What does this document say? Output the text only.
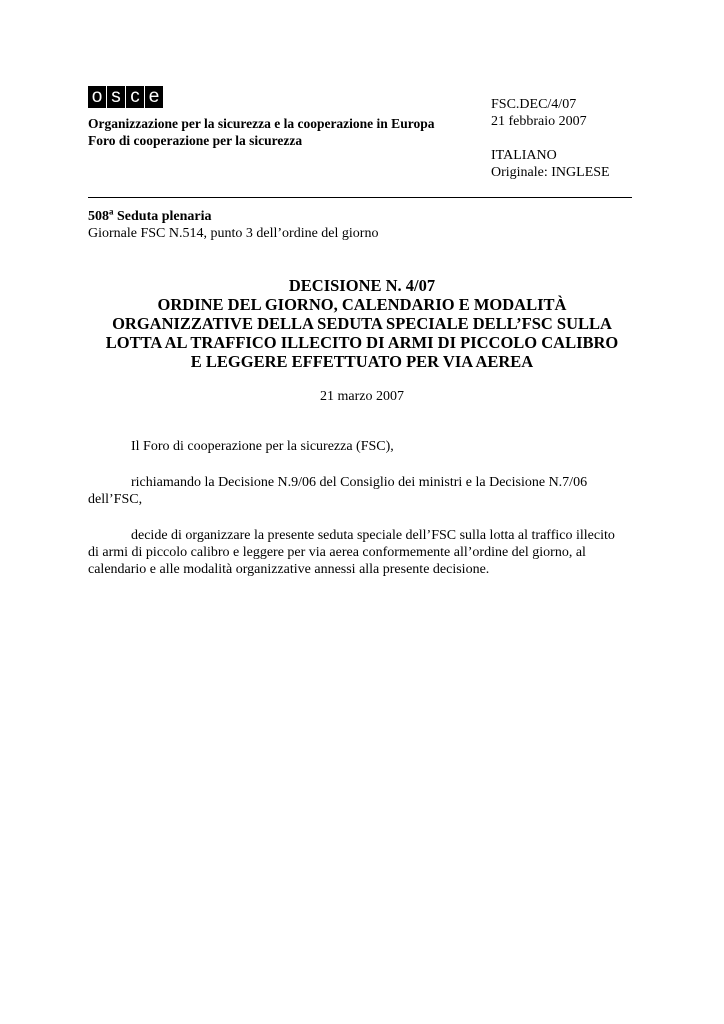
o s c e
Organizzazione per la sicurezza e la cooperazione in Europa
Foro di cooperazione per la sicurezza
FSC.DEC/4/07
21 febbraio 2007
ITALIANO
Originale: INGLESE
508$^a$ Seduta plenaria
Giornale FSC N.514, punto 3 dell’ordine del giorno
DECISIONE N. 4/07
ORDINE DEL GIORNO, CALENDARIO E MODALITÀ
ORGANIZZATIVE DELLA SEDUTA SPECIALE DELL’FSC SULLA
LOTTA AL TRAFFICO ILLECITO DI ARMI DI PICCOLO CALIBRO
E LEGGERE EFFETTUATO PER VIA AEREA
21 marzo 2007
Il Foro di cooperazione per la sicurezza (FSC),
richiamando la Decisione N.9/06 del Consiglio dei ministri e la Decisione N.7/06
dell’FSC,
decide di organizzare la presente seduta speciale dell’FSC sulla lotta al traffico illecito
di armi di piccolo calibro e leggere per via aerea conformemente all’ordine del giorno, al
calendario e alle modalità organizzative annessi alla presente decisione.
